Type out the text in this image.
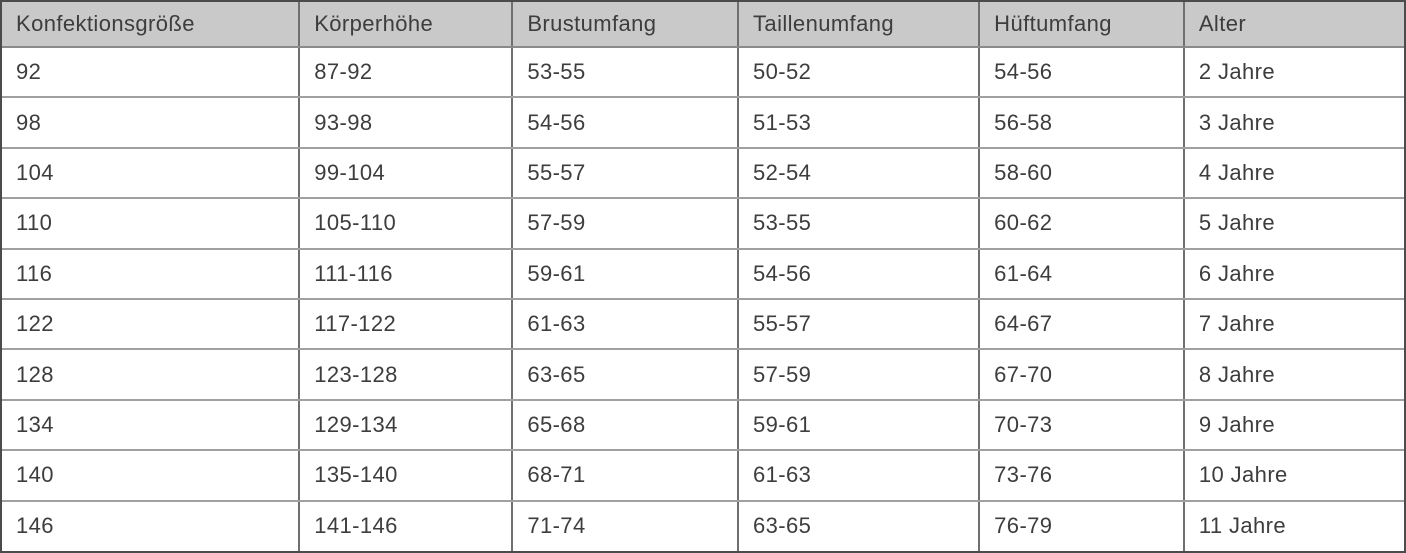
Konfektionsgröße	Körperhöhe	Brustumfang	Taillenumfang	Hüftumfang	Alter
92	87-92	53-55	50-52	54-56	2 Jahre
98	93-98	54-56	51-53	56-58	3 Jahre
104	99-104	55-57	52-54	58-60	4 Jahre
110	105-110	57-59	53-55	60-62	5 Jahre
116	111-116	59-61	54-56	61-64	6 Jahre
122	117-122	61-63	55-57	64-67	7 Jahre
128	123-128	63-65	57-59	67-70	8 Jahre
134	129-134	65-68	59-61	70-73	9 Jahre
140	135-140	68-71	61-63	73-76	10 Jahre
146	141-146	71-74	63-65	76-79	11 Jahre
